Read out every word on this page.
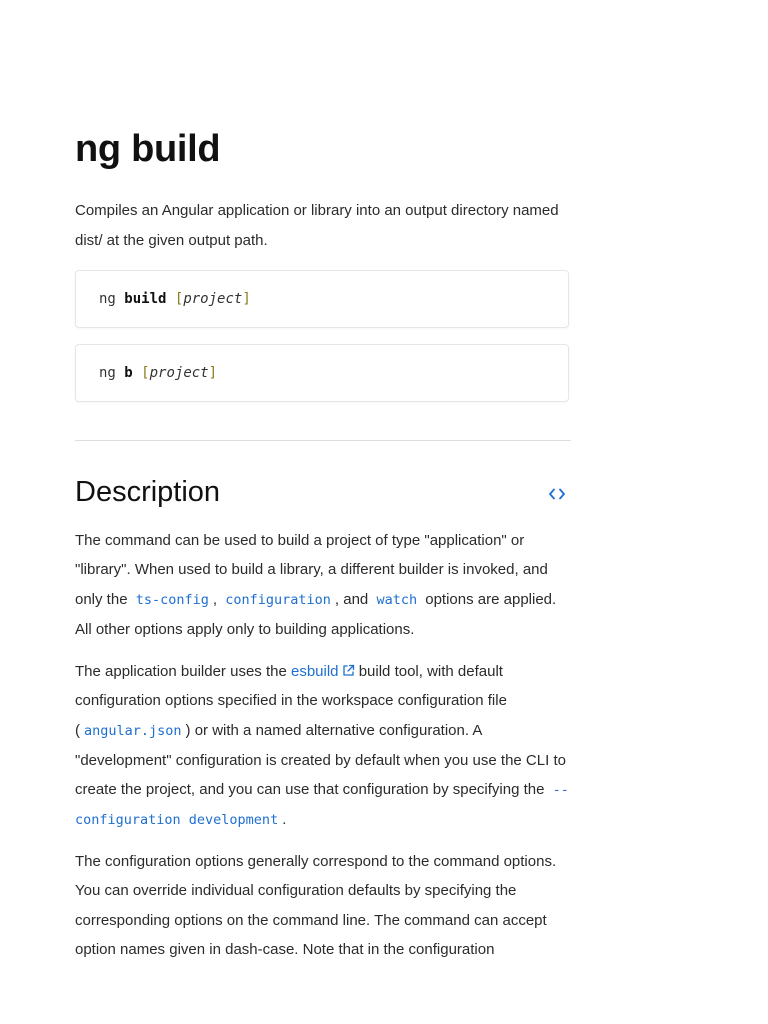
ng build

Compiles an Angular application or library into an output directory named dist/ at the given output path.

ng
build
[ project ]
ng
b
[ project ]
Description

The command can be used to build a project of type "application" or "library". When used to build a library, a different builder is invoked, and only the ts-config , configuration , and watch options are applied. All other options apply only to building applications.

The application builder uses the esbuild build tool, with default configuration options specified in the workspace configuration file ( angular.json ) or with a named alternative configuration. A "development" configuration is created by default when you use the CLI to create the project, and you can use that configuration by specifying the --configuration development .

The configuration options generally correspond to the command options. You can override individual configuration defaults by specifying the corresponding options on the command line. The command can accept option names given in dash-case. Note that in the configuration
